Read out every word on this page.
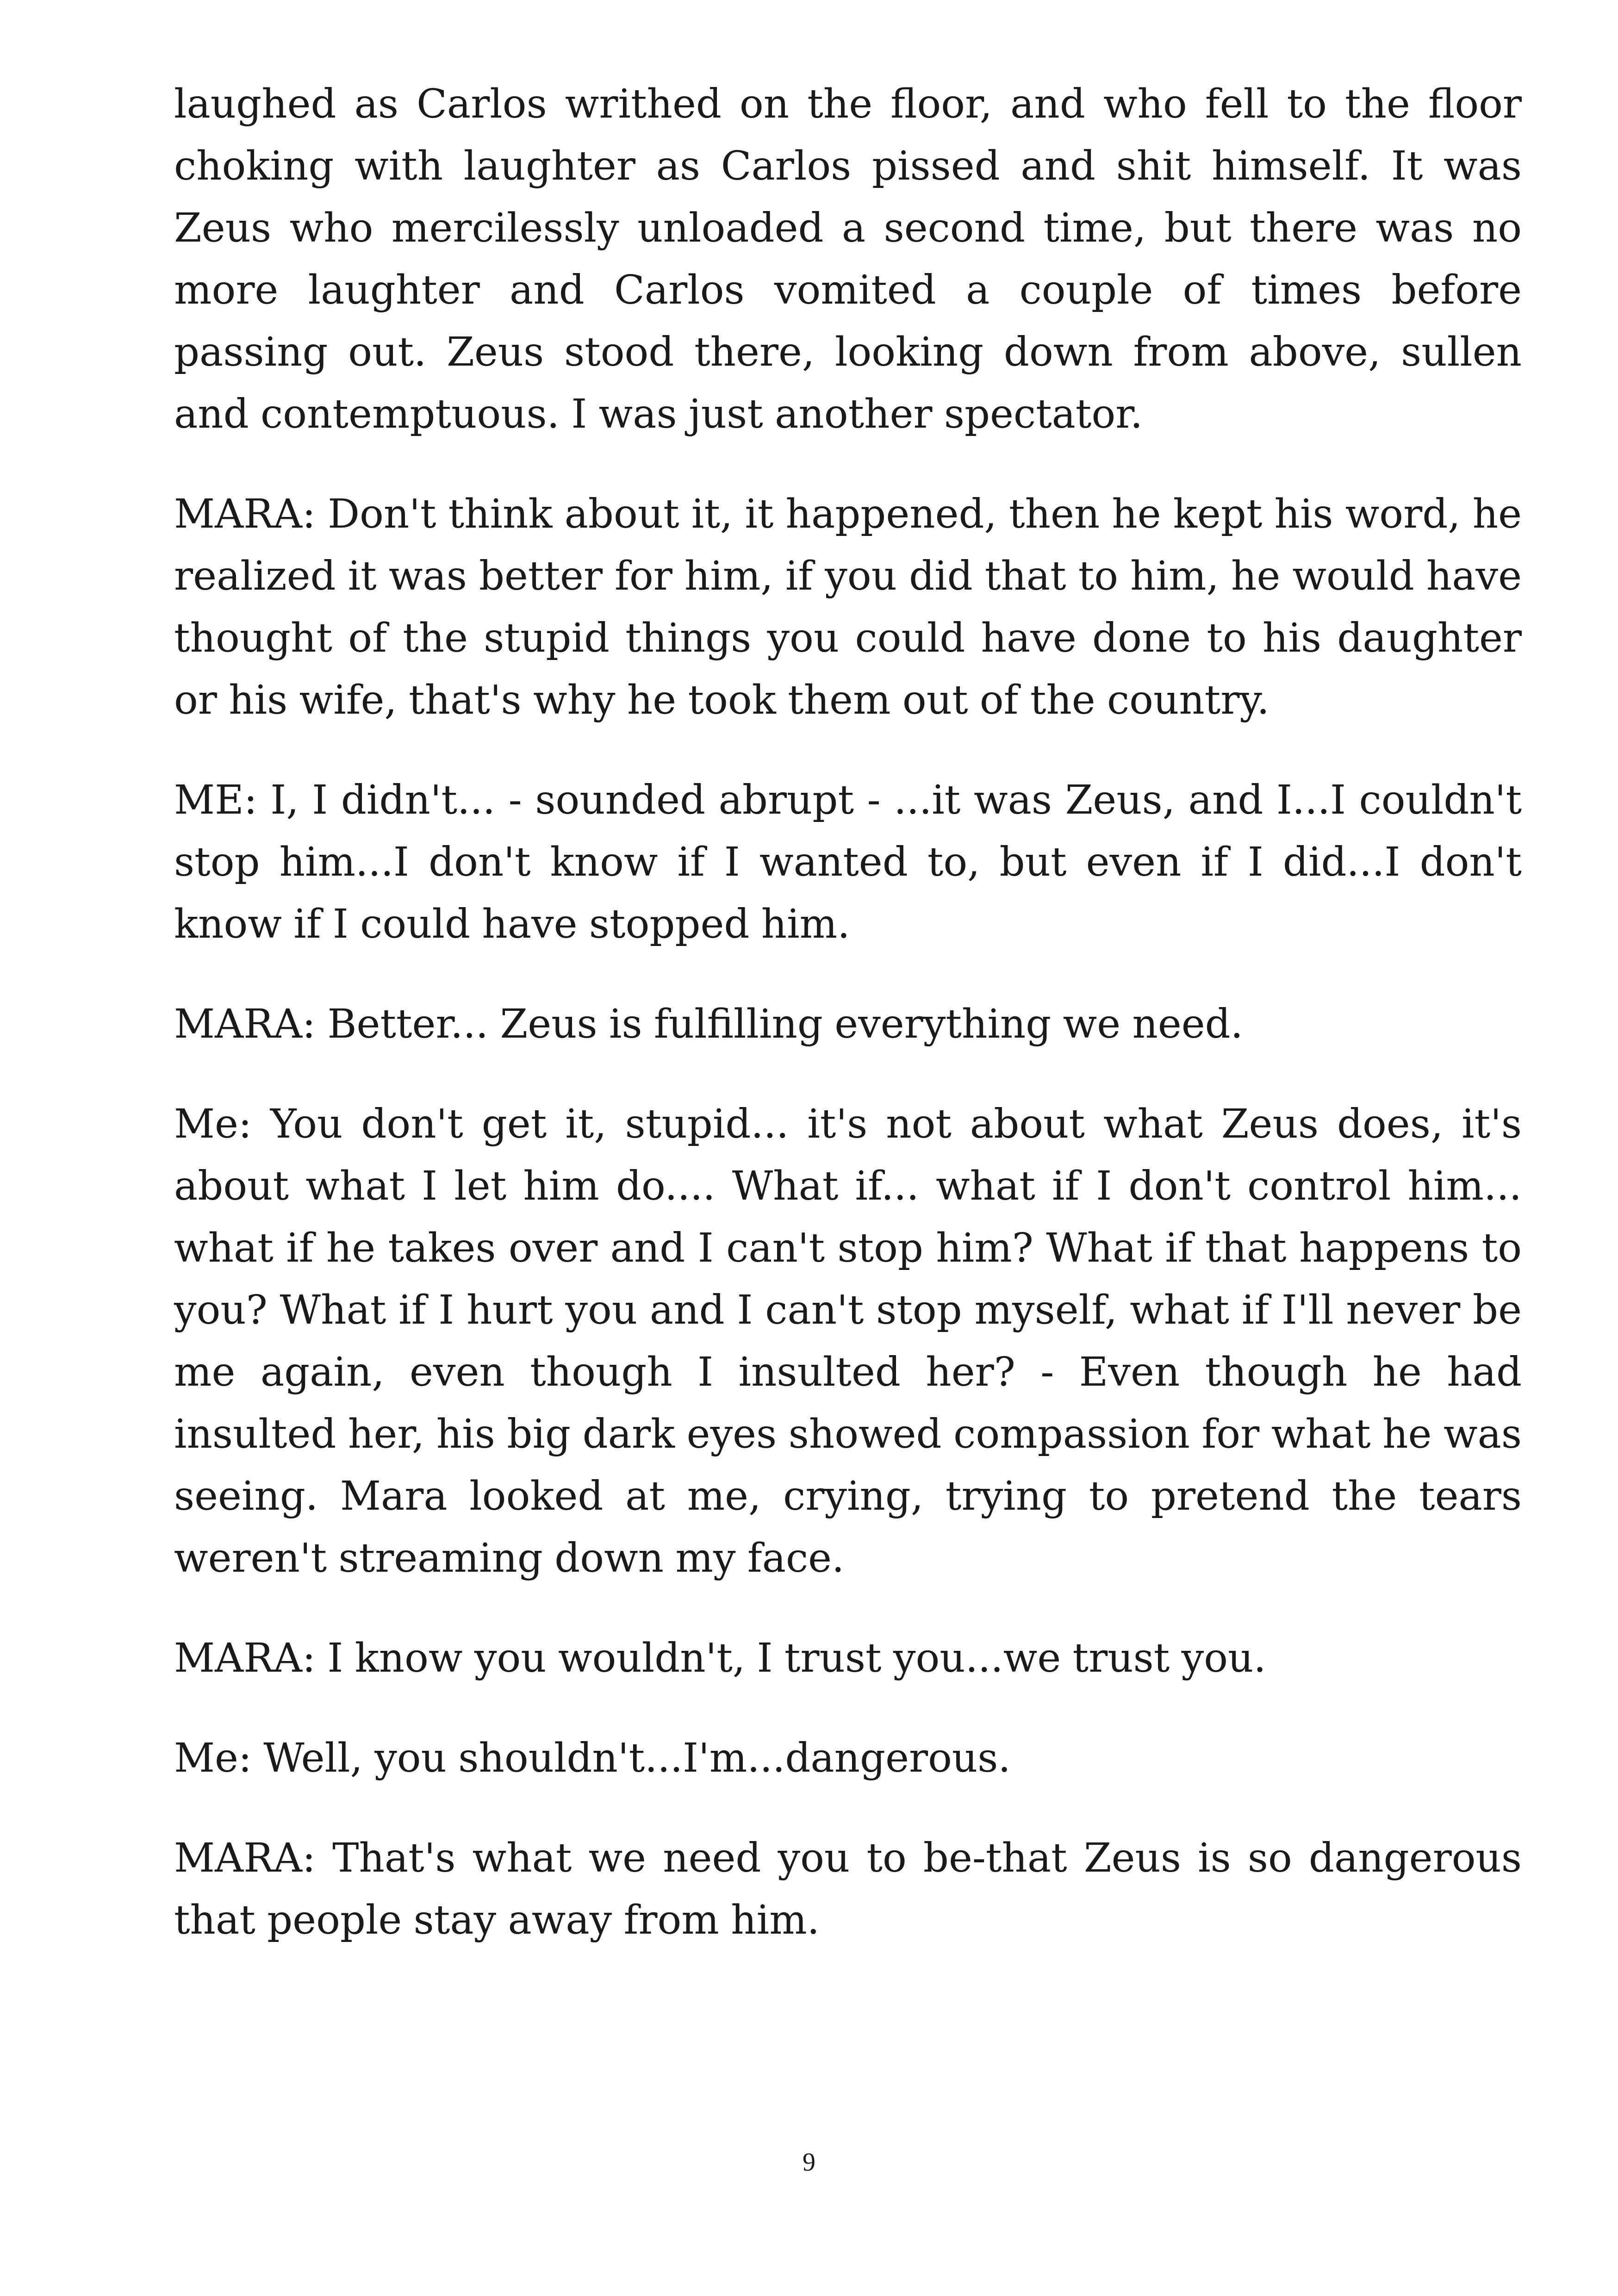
laughed as Carlos writhed on the floor, and who fell to the floor choking with laughter as Carlos pissed and shit himself. It was Zeus who mercilessly unloaded a second time, but there was no more laughter and Carlos vomited a couple of times before passing out. Zeus stood there, looking down from above, sullen and contemptuous. I was just another spectator.

MARA: Don't think about it, it happened, then he kept his word, he realized it was better for him, if you did that to him, he would have thought of the stupid things you could have done to his daughter or his wife, that's why he took them out of the country.

ME: I, I didn't... - sounded abrupt - ...it was Zeus, and I...I couldn't stop him...I don't know if I wanted to, but even if I did...I don't know if I could have stopped him.

MARA: Better... Zeus is fulfilling everything we need.

Me: You don't get it, stupid... it's not about what Zeus does, it's about what I let him do.... What if... what if I don't control him... what if he takes over and I can't stop him? What if that happens to you? What if I hurt you and I can't stop myself, what if I'll never be me again, even though I insulted her? - Even though he had insulted her, his big dark eyes showed compassion for what he was seeing. Mara looked at me, crying, trying to pretend the tears weren't streaming down my face.

MARA: I know you wouldn't, I trust you...we trust you.

Me: Well, you shouldn't...I'm...dangerous.

MARA: That's what we need you to be-that Zeus is so dangerous that people stay away from him.

9
